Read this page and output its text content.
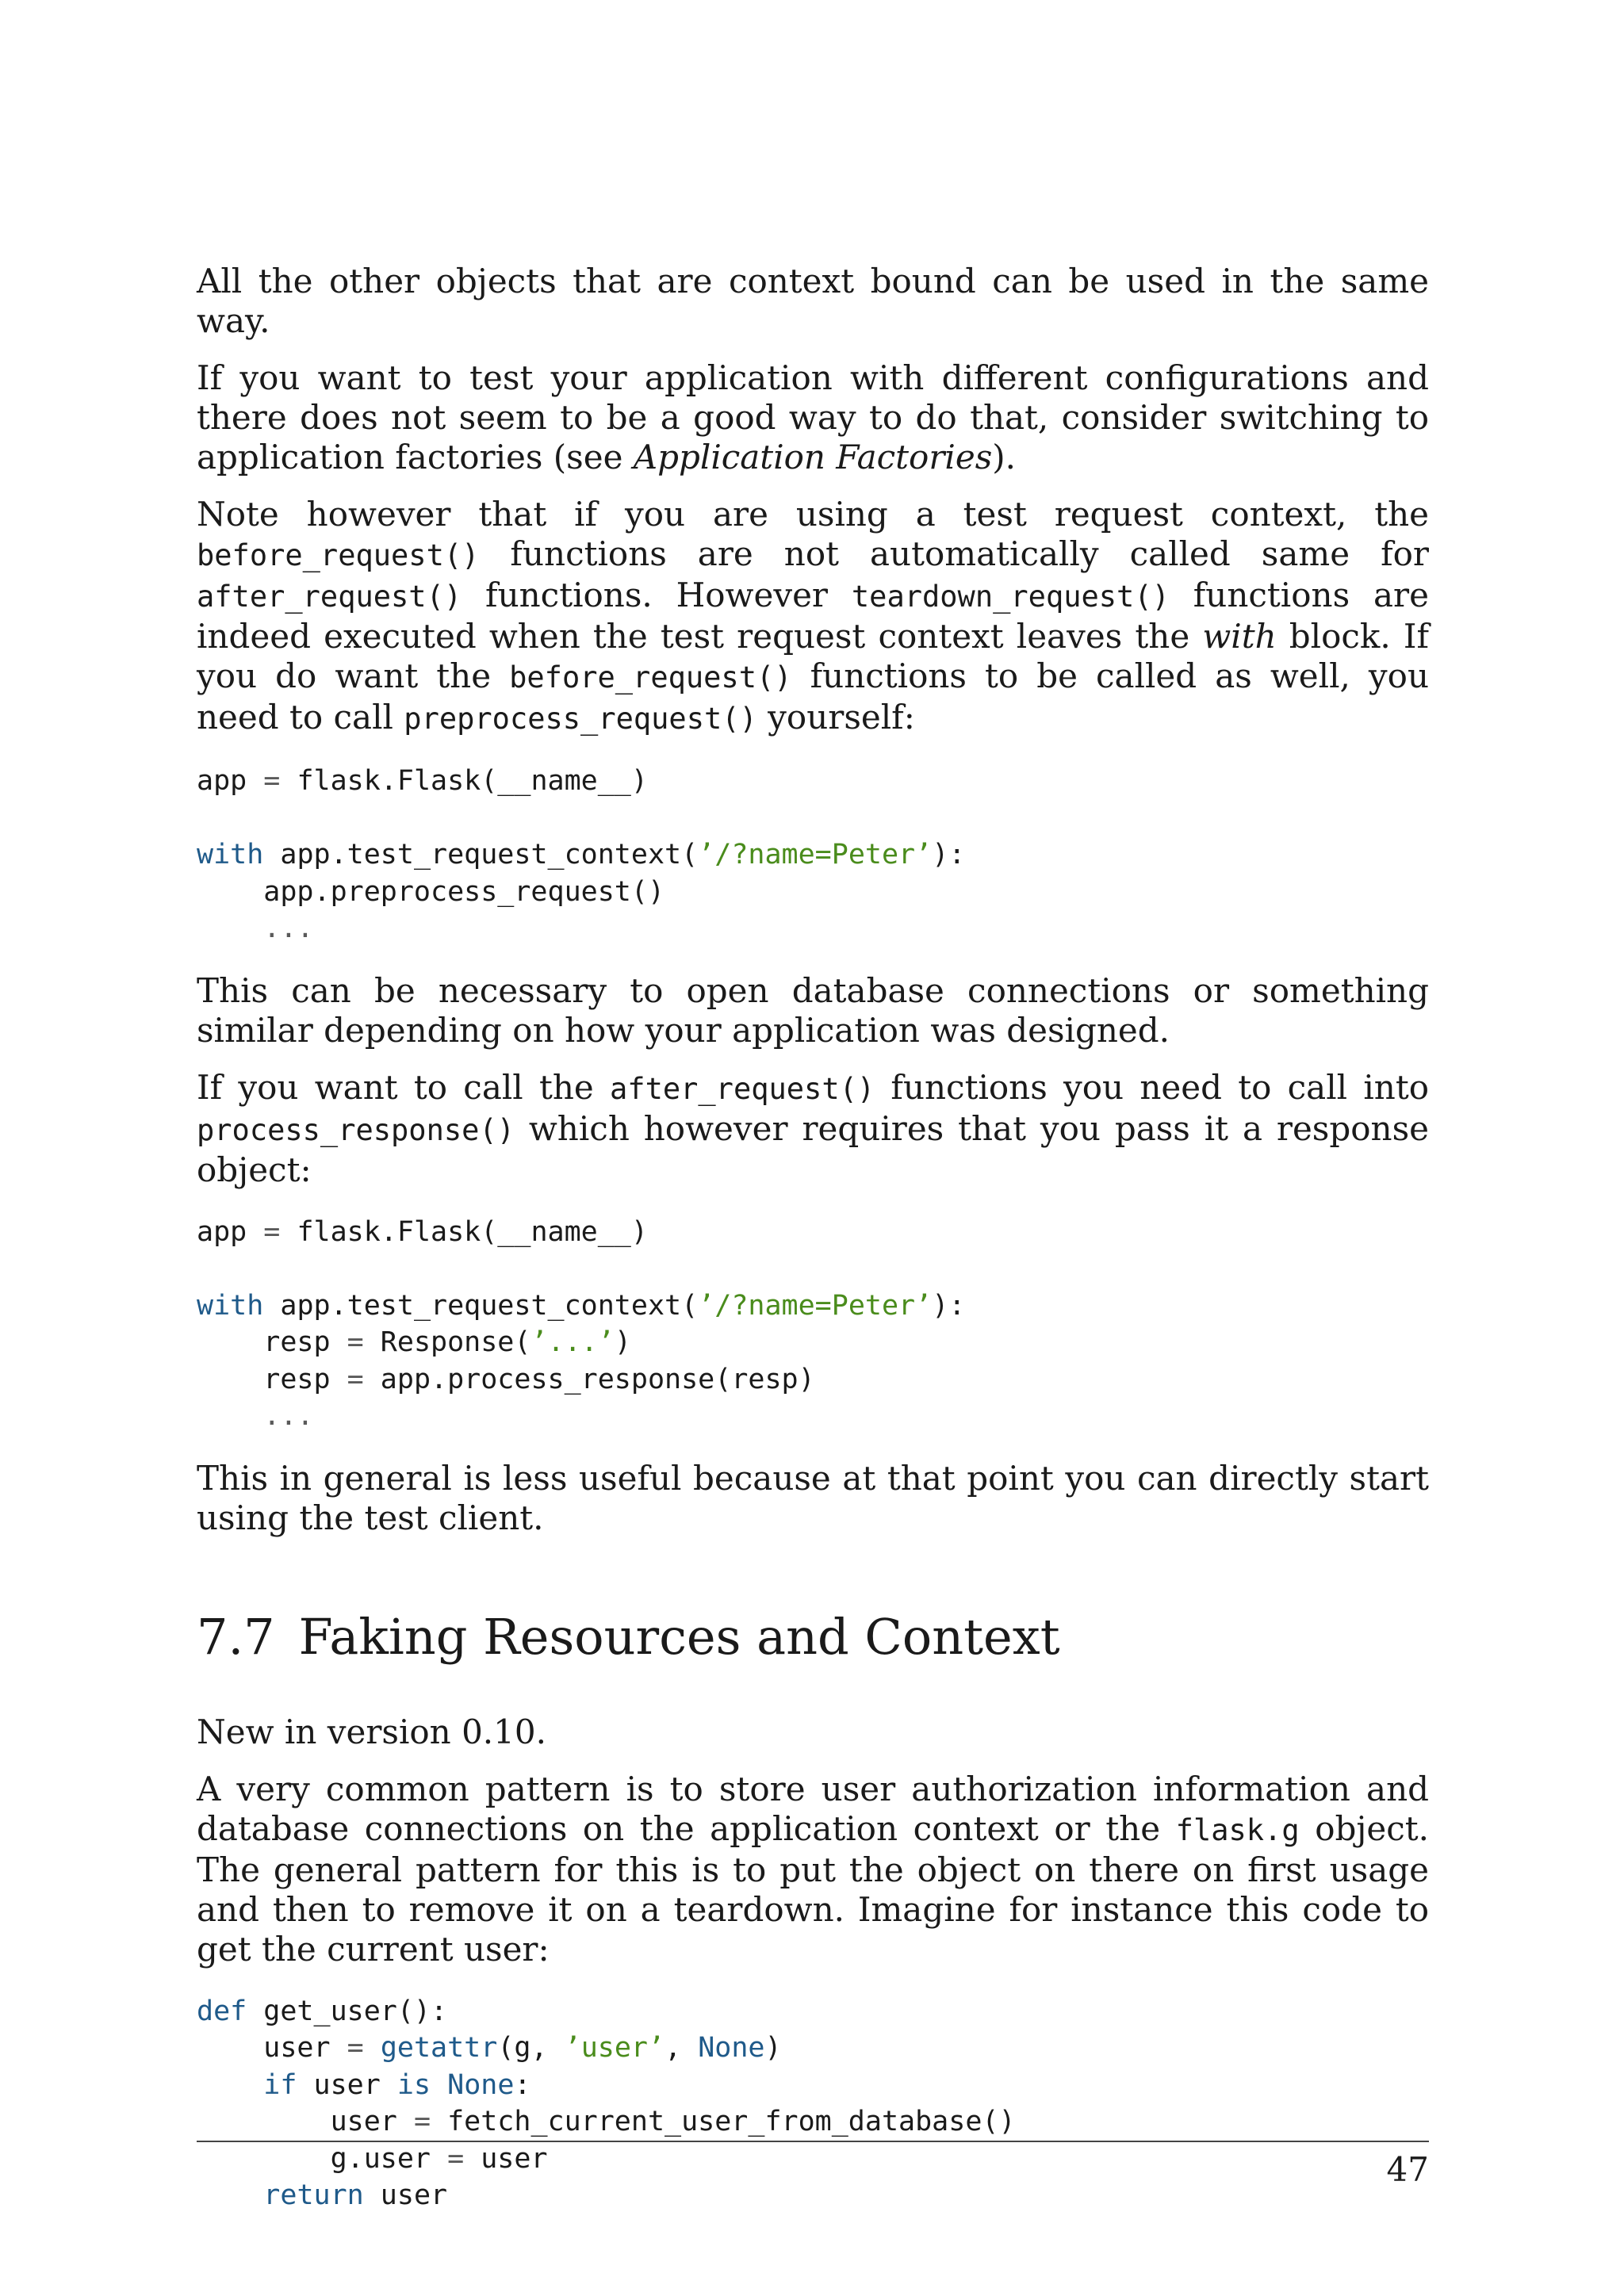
All the other objects that are context bound can be used in the same way.

If you want to test your application with different configurations and there does not seem to be a good way to do that, consider switching to application factories (see Application Factories).

Note however that if you are using a test request context, the before_request() functions are not automatically called same for after_request() functions. However teardown_request() functions are indeed executed when the test request context leaves the with block. If you do want the before_request() functions to be called as well, you need to call preprocess_request() yourself:

app = flask.Flask(__name__)

with app.test_request_context(’/?name=Peter’):
app.preprocess_request()
...

This can be necessary to open database connections or something similar depending on how your application was designed.

If you want to call the after_request() functions you need to call into process_response() which however requires that you pass it a response object:

app = flask.Flask(__name__)

with app.test_request_context(’/?name=Peter’):
resp = Response(’...’)
resp = app.process_response(resp)
...

This in general is less useful because at that point you can directly start using the test client.

7.7 Faking Resources and Context

New in version 0.10.

A very common pattern is to store user authorization information and database connections on the application context or the flask.g object. The general pattern for this is to put the object on there on first usage and then to remove it on a teardown. Imagine for instance this code to get the current user:

def get_user():
user = getattr(g, ’user’, None)
if user is None:
user = fetch_current_user_from_database()
g.user = user
return user
47
